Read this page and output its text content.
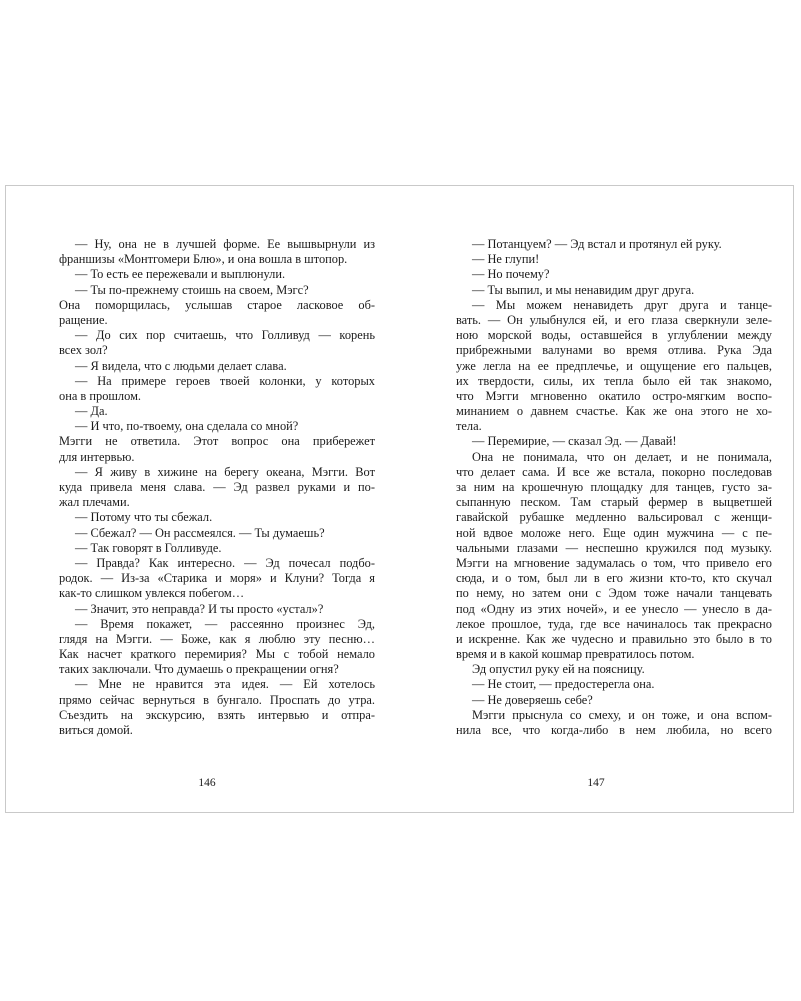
— Ну, она не в лучшей форме. Ее вышвырнули из
франшизы «Монтгомери Блю», и она вошла в штопор.
— То есть ее пережевали и выплюнули.
— Ты по-прежнему стоишь на своем, Мэгс?
Она поморщилась, услышав старое ласковое об-
ращение.
— До сих пор считаешь, что Голливуд — корень
всех зол?
— Я видела, что с людьми делает слава.
— На примере героев твоей колонки, у которых
она в прошлом.
— Да.
— И что, по-твоему, она сделала со мной?
Мэгги не ответила. Этот вопрос она прибережет
для интервью.
— Я живу в хижине на берегу океана, Мэгги. Вот
куда привела меня слава. — Эд развел руками и по-
жал плечами.
— Потому что ты сбежал.
— Сбежал? — Он рассмеялся. — Ты думаешь?
— Так говорят в Голливуде.
— Правда? Как интересно. — Эд почесал подбо-
родок. — Из-за «Старика и моря» и Клуни? Тогда я
как-то слишком увлекся побегом…
— Значит, это неправда? И ты просто «устал»?
— Время покажет, — рассеянно произнес Эд,
глядя на Мэгги. — Боже, как я люблю эту песню…
Как насчет краткого перемирия? Мы с тобой немало
таких заключали. Что думаешь о прекращении огня?
— Мне не нравится эта идея. — Ей хотелось
прямо сейчас вернуться в бунгало. Проспать до утра.
Съездить на экскурсию, взять интервью и отпра-
виться домой.
146
— Потанцуем? — Эд встал и протянул ей руку.
— Не глупи!
— Но почему?
— Ты выпил, и мы ненавидим друг друга.
— Мы можем ненавидеть друг друга и танце-
вать. — Он улыбнулся ей, и его глаза сверкнули зеле-
ною морской воды, оставшейся в углублении между
прибрежными валунами во время отлива. Рука Эда
уже легла на ее предплечье, и ощущение его пальцев,
их твердости, силы, их тепла было ей так знакомо,
что Мэгги мгновенно окатило остро-мягким воспо-
минанием о давнем счастье. Как же она этого не хо-
тела.
— Перемирие, — сказал Эд. — Давай!
Она не понимала, что он делает, и не понимала,
что делает сама. И все же встала, покорно последовав
за ним на крошечную площадку для танцев, густо за-
сыпанную песком. Там старый фермер в выцветшей
гавайской рубашке медленно вальсировал с женщи-
ной вдвое моложе него. Еще один мужчина — с пе-
чальными глазами — неспешно кружился под музыку.
Мэгги на мгновение задумалась о том, что привело его
сюда, и о том, был ли в его жизни кто-то, кто скучал
по нему, но затем они с Эдом тоже начали танцевать
под «Одну из этих ночей», и ее унесло — унесло в да-
лекое прошлое, туда, где все начиналось так прекрасно
и искренне. Как же чудесно и правильно это было в то
время и в какой кошмар превратилось потом.
Эд опустил руку ей на поясницу.
— Не стоит, — предостерегла она.
— Не доверяешь себе?
Мэгги прыснула со смеху, и он тоже, и она вспом-
нила все, что когда-либо в нем любила, но всего
147
